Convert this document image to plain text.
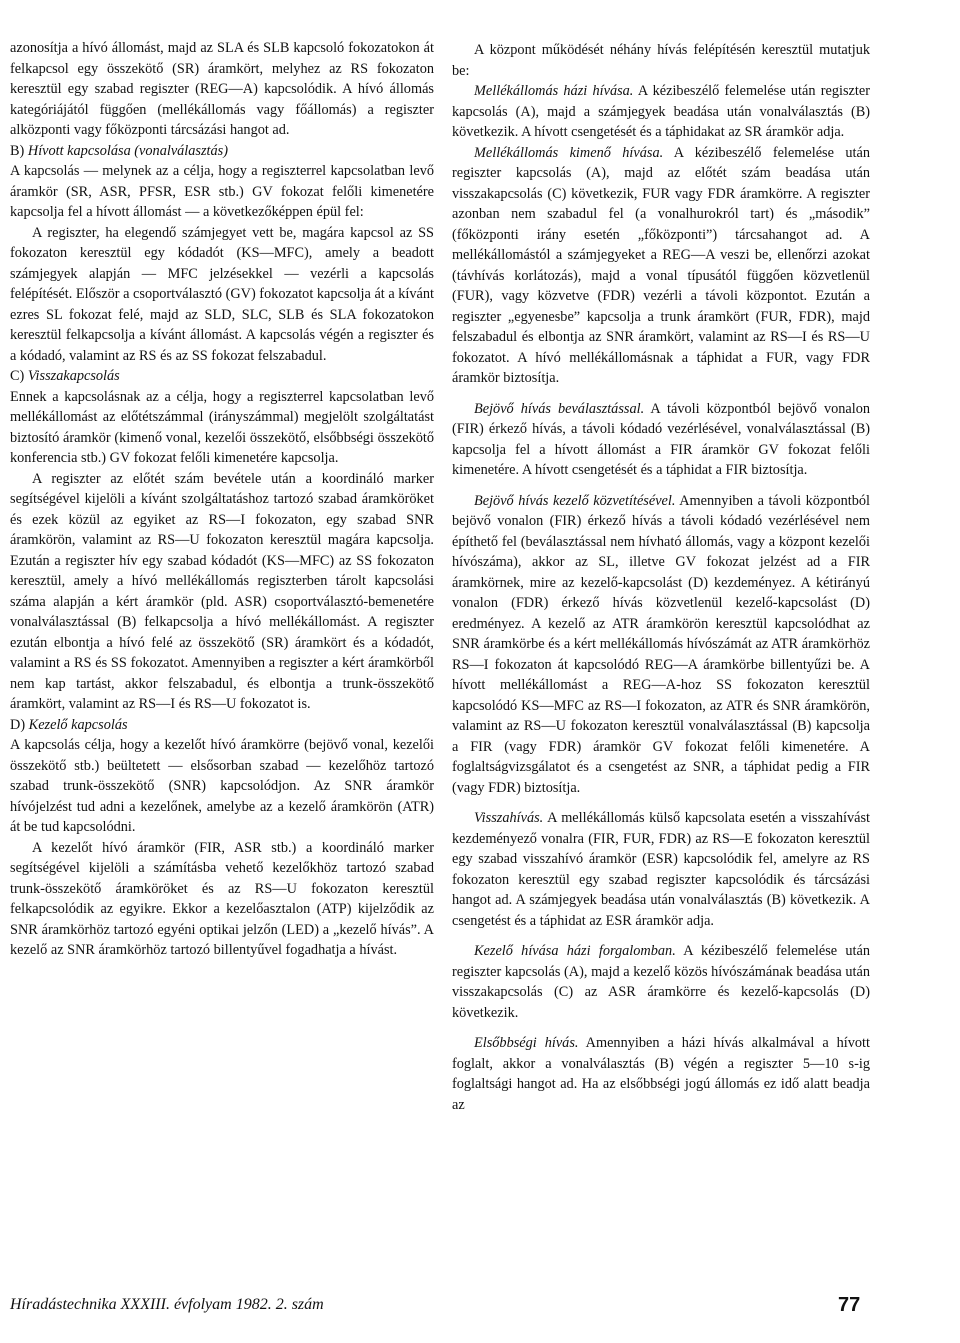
azonosítja a hívó állomást, majd az SLA és SLB kapcsoló fokozatokon át felkapcsol egy összekötő (SR) áramkört, melyhez az RS fokozaton keresztül egy szabad regiszter (REG—A) kapcsolódik. A hívó állomás kategóriájától függően (mellékállomás vagy főállomás) a regiszter alközponti vagy főközponti tárcsázási hangot ad.

B) Hívott kapcsolása (vonalválasztás)

A kapcsolás — melynek az a célja, hogy a regiszterrel kapcsolatban levő áramkör (SR, ASR, PFSR, ESR stb.) GV fokozat felőli kimenetére kapcsolja fel a hívott állomást — a következőképpen épül fel:

A regiszter, ha elegendő számjegyet vett be, magára kapcsol az SS fokozaton keresztül egy kódadót (KS—MFC), amely a beadott számjegyek alapján — MFC jelzésekkel — vezérli a kapcsolás felépítését. Először a csoportválasztó (GV) fokozatot kapcsolja át a kívánt ezres SL fokozat felé, majd az SLD, SLC, SLB és SLA fokozatokon keresztül felkapcsolja a kívánt állomást. A kapcsolás végén a regiszter és a kódadó, valamint az RS és az SS fokozat felszabadul.

C) Visszakapcsolás

Ennek a kapcsolásnak az a célja, hogy a regiszterrel kapcsolatban levő mellékállomást az előtétszámmal (irányszámmal) megjelölt szolgáltatást biztosító áramkör (kimenő vonal, kezelői összekötő, elsőbbségi összekötő konferencia stb.) GV fokozat felőli kimenetére kapcsolja.

A regiszter az előtét szám bevétele után a koordináló marker segítségével kijelöli a kívánt szolgáltatáshoz tartozó szabad áramköröket és ezek közül az egyiket az RS—I fokozaton, egy szabad SNR áramkörön, valamint az RS—U fokozaton keresztül magára kapcsolja. Ezután a regiszter hív egy szabad kódadót (KS—MFC) az SS fokozaton keresztül, amely a hívó mellékállomás regiszterben tárolt kapcsolási száma alapján a kért áramkör (pld. ASR) csoportválasztó-bemenetére vonalválasztással (B) felkapcsolja a hívó mellékállomást. A regiszter ezután elbontja a hívó felé az összekötő (SR) áramkört és a kódadót, valamint a RS és SS fokozatot. Amennyiben a regiszter a kért áramkörből nem kap tartást, akkor felszabadul, és elbontja a trunk-összekötő áramkört, valamint az RS—I és RS—U fokozatot is.

D) Kezelő kapcsolás

A kapcsolás célja, hogy a kezelőt hívó áramkörre (bejövő vonal, kezelői összekötő stb.) beültetett — elsősorban szabad — kezelőhöz tartozó szabad trunk-összekötő (SNR) kapcsolódjon. Az SNR áramkör hívójelzést tud adni a kezelőnek, amelybe az a kezelő áramkörön (ATR) át be tud kapcsolódni.

A kezelőt hívó áramkör (FIR, ASR stb.) a koordináló marker segítségével kijelöli a számításba vehető kezelőkhöz tartozó szabad trunk-összekötő áramköröket és az RS—U fokozaton keresztül felkapcsolódik az egyikre. Ekkor a kezelőasztalon (ATP) kijelződik az SNR áramkörhöz tartozó egyéni optikai jelzőn (LED) a „kezelő hívás”. A kezelő az SNR áramkörhöz tartozó billentyűvel fogadhatja a hívást.

A központ működését néhány hívás felépítésén keresztül mutatjuk be:

Mellékállomás házi hívása. A kézibeszélő felemelése után regiszter kapcsolás (A), majd a számjegyek beadása után vonalválasztás (B) következik. A hívott csengetését és a táphidakat az SR áramkör adja.

Mellékállomás kimenő hívása. A kézibeszélő felemelése után regiszter kapcsolás (A), majd az előtét szám beadása után visszakapcsolás (C) következik, FUR vagy FDR áramkörre. A regiszter azonban nem szabadul fel (a vonalhurokról tart) és „második” (főközponti irány esetén „főközponti”) tárcsahangot ad. A mellékállomástól a számjegyeket a REG—A veszi be, ellenőrzi azokat (távhívás korlátozás), majd a vonal típusától függően közvetlenül (FUR), vagy közvetve (FDR) vezérli a távoli központot. Ezután a regiszter „egyenesbe” kapcsolja a trunk áramkört (FUR, FDR), majd felszabadul és elbontja az SNR áramkört, valamint az RS—I és RS—U fokozatot. A hívó mellékállomásnak a táphidat a FUR, vagy FDR áramkör biztosítja.

Bejövő hívás beválasztással. A távoli központból bejövő vonalon (FIR) érkező hívás, a távoli kódadó vezérlésével, vonalválasztással (B) kapcsolja fel a hívott állomást a FIR áramkör GV fokozat felőli kimenetére. A hívott csengetését és a táphidat a FIR biztosítja.

Bejövő hívás kezelő közvetítésével. Amennyiben a távoli központból bejövő vonalon (FIR) érkező hívás a távoli kódadó vezérlésével nem építhető fel (beválasztással nem hívható állomás, vagy a központ kezelői hívószáma), akkor az SL, illetve GV fokozat jelzést ad a FIR áramkörnek, mire az kezelő-kapcsolást (D) kezdeményez. A kétirányú vonalon (FDR) érkező hívás közvetlenül kezelő-kapcsolást (D) eredményez. A kezelő az ATR áramkörön keresztül kapcsolódhat az SNR áramkörbe és a kért mellékállomás hívószámát az ATR áramkörhöz RS—I fokozaton át kapcsolódó REG—A áramkörbe billentyűzi be. A hívott mellékállomást a REG—A-hoz SS fokozaton keresztül kapcsolódó KS—MFC az RS—I fokozaton, az ATR és SNR áramkörön, valamint az RS—U fokozaton keresztül vonalválasztással (B) kapcsolja a FIR (vagy FDR) áramkör GV fokozat felőli kimenetére. A foglaltságvizsgálatot és a csengetést az SNR, a táphidat pedig a FIR (vagy FDR) biztosítja.

Visszahívás. A mellékállomás külső kapcsolata esetén a visszahívást kezdeményező vonalra (FIR, FUR, FDR) az RS—E fokozaton keresztül egy szabad visszahívó áramkör (ESR) kapcsolódik fel, amelyre az RS fokozaton keresztül egy szabad regiszter kapcsolódik és tárcsázási hangot ad. A számjegyek beadása után vonalválasztás (B) következik. A csengetést és a táphidat az ESR áramkör adja.

Kezelő hívása házi forgalomban. A kézibeszélő felemelése után regiszter kapcsolás (A), majd a kezelő közös hívószámának beadása után visszakapcsolás (C) az ASR áramkörre és kezelő-kapcsolás (D) következik.

Elsőbbségi hívás. Amennyiben a házi hívás alkalmával a hívott foglalt, akkor a vonalválasztás (B) végén a regiszter 5—10 s-ig foglaltsági hangot ad. Ha az elsőbbségi jogú állomás ez idő alatt beadja az

Híradástechnika XXXIII. évfolyam 1982. 2. szám	77
